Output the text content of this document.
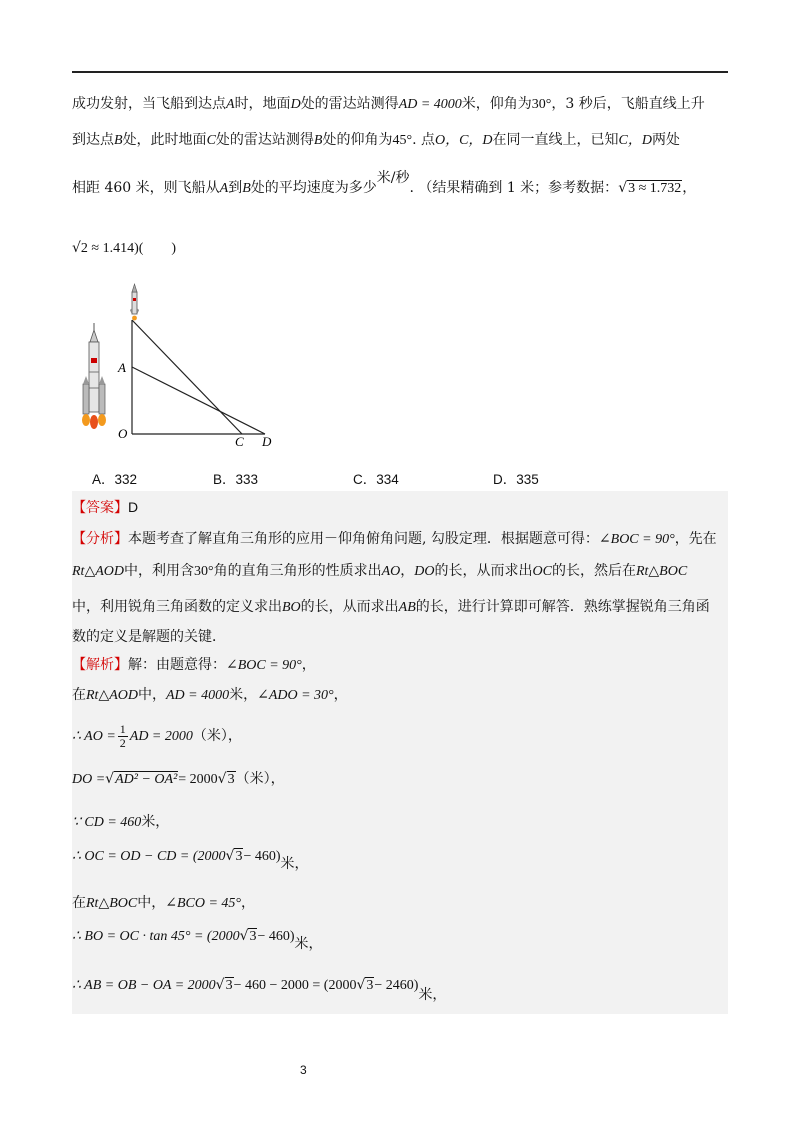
成功发射，当飞船到达点A时，地面D处的雷达站测得AD = 4000米，仰角为30°，3 秒后，飞船直线上升
到达点B处，此时地面C处的雷达站测得B处的仰角为45°. 点O，C，D在同一直线上，已知C，D两处
相距 460 米，则飞船从A到B处的平均速度为多少米/秒. （结果精确到 1 米；参考数据：√3 ≈ 1.732，
√2 ≈ 1.414)(　　)
A
O
C D
A．332	B．333	C．334	D．335
【答案】D
【分析】本题考查了解直角三角形的应用－仰角俯角问题, 勾股定理．根据题意可得：∠BOC = 90°，先在
Rt△AOD中，利用含30°角的直角三角形的性质求出AO，DO的长，从而求出OC的长，然后在Rt△BOC
中，利用锐角三角函数的定义求出BO的长，从而求出AB的长，进行计算即可解答．熟练掌握锐角三角函
数的定义是解题的关键．
【解析】解：由题意得：∠BOC = 90°，
在Rt△AOD中，AD = 4000米，∠ADO = 30°，
∴ AO = $\frac{1}{2}$ AD = 2000（米），
DO =√AD² − OA²= 2000√3（米），
∵ CD = 460米，
∴ OC = OD − CD = (2000√3− 460)米，
在Rt△BOC中，∠BCO = 45°，
∴ BO = OC · tan 45° = (2000√3− 460)米，
∴ AB = OB − OA = 2000√3− 460 − 2000 = (2000√3− 2460)米，
3
